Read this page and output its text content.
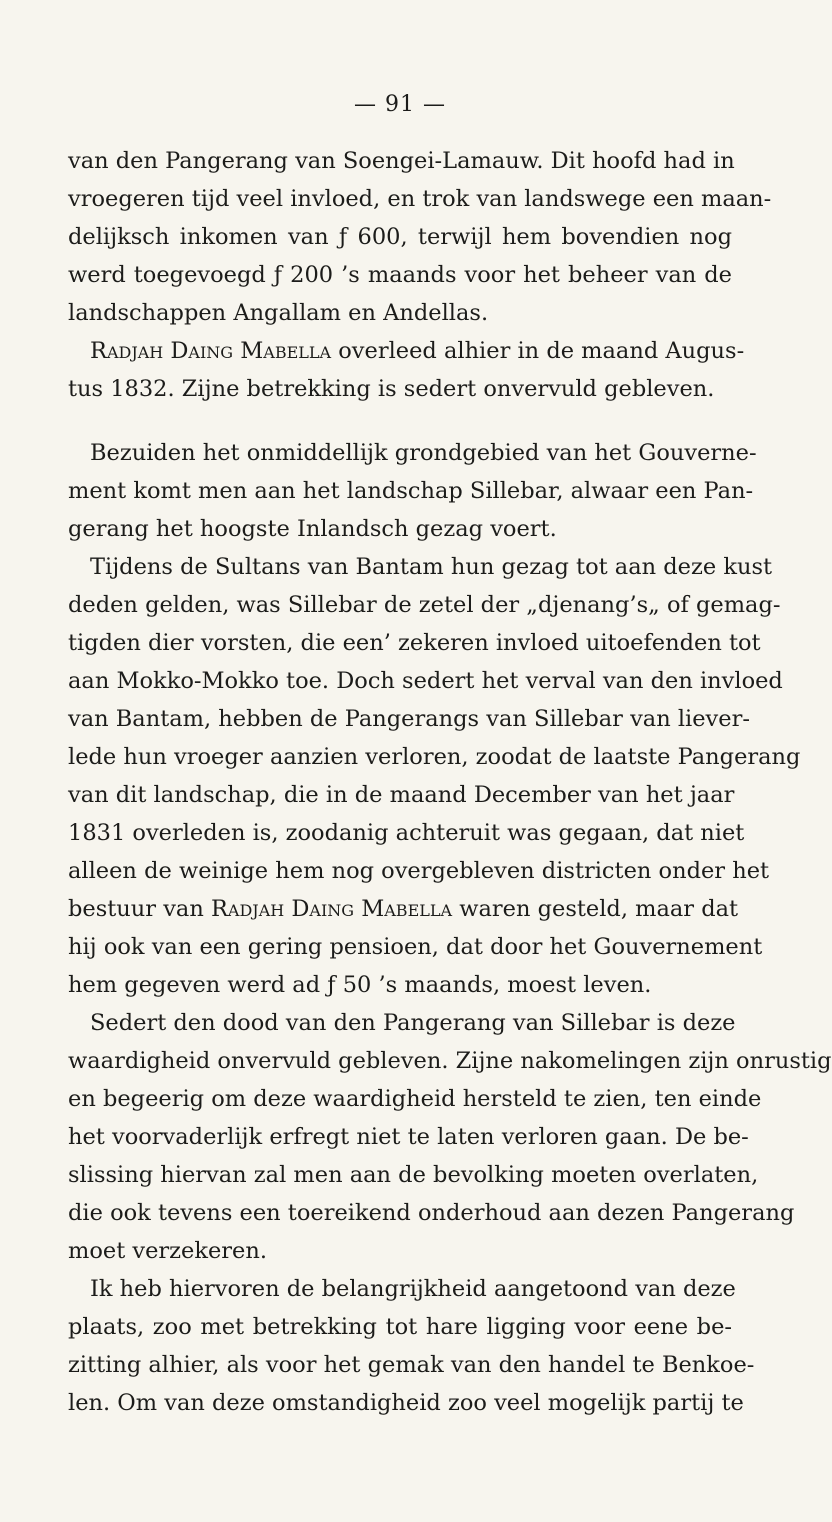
— 91 —
van den Pangerang van Soengei-Lamauw. Dit hoofd had in
vroegeren tijd veel invloed, en trok van landswege een maan-
delijksch inkomen van ƒ 600, terwijl hem bovendien nog
werd toegevoegd ƒ 200 ’s maands voor het beheer van de
landschappen Angallam en Andellas.
Radjah Daing Mabella overleed alhier in de maand Augus-
tus 1832. Zijne betrekking is sedert onvervuld gebleven.
Bezuiden het onmiddellijk grondgebied van het Gouverne-
ment komt men aan het landschap Sillebar, alwaar een Pan-
gerang het hoogste Inlandsch gezag voert.
Tijdens de Sultans van Bantam hun gezag tot aan deze kust
deden gelden, was Sillebar de zetel der „djenang’s„ of gemag-
tigden dier vorsten, die een’ zekeren invloed uitoefenden tot
aan Mokko-Mokko toe. Doch sedert het verval van den invloed
van Bantam, hebben de Pangerangs van Sillebar van liever-
lede hun vroeger aanzien verloren, zoodat de laatste Pangerang
van dit landschap, die in de maand December van het jaar
1831 overleden is, zoodanig achteruit was gegaan, dat niet
alleen de weinige hem nog overgebleven districten onder het
bestuur van Radjah Daing Mabella waren gesteld, maar dat
hij ook van een gering pensioen, dat door het Gouvernement
hem gegeven werd ad ƒ 50 ’s maands, moest leven.
Sedert den dood van den Pangerang van Sillebar is deze
waardigheid onvervuld gebleven. Zijne nakomelingen zijn onrustig
en begeerig om deze waardigheid hersteld te zien, ten einde
het voorvaderlijk erfregt niet te laten verloren gaan. De be-
slissing hiervan zal men aan de bevolking moeten overlaten,
die ook tevens een toereikend onderhoud aan dezen Pangerang
moet verzekeren.
Ik heb hiervoren de belangrijkheid aangetoond van deze
plaats, zoo met betrekking tot hare ligging voor eene be-
zitting alhier, als voor het gemak van den handel te Benkoe-
len. Om van deze omstandigheid zoo veel mogelijk partij te
